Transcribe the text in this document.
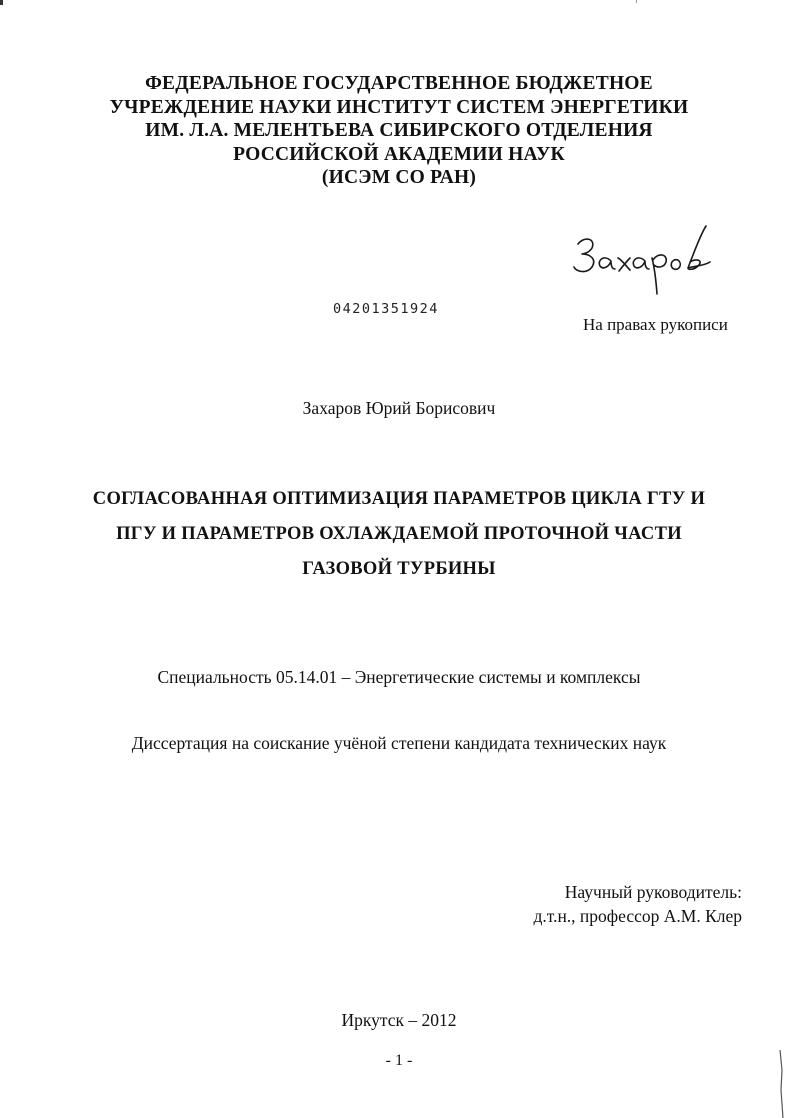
ФЕДЕРАЛЬНОЕ ГОСУДАРСТВЕННОЕ БЮДЖЕТНОЕ
УЧРЕЖДЕНИЕ НАУКИ ИНСТИТУТ СИСТЕМ ЭНЕРГЕТИКИ
ИМ. Л.А. МЕЛЕНТЬЕВА СИБИРСКОГО ОТДЕЛЕНИЯ
РОССИЙСКОЙ АКАДЕМИИ НАУК
(ИСЭМ СО РАН)
04201351924
На правах рукописи
Захаров Юрий Борисович
СОГЛАСОВАННАЯ ОПТИМИЗАЦИЯ ПАРАМЕТРОВ ЦИКЛА ГТУ И
ПГУ И ПАРАМЕТРОВ ОХЛАЖДАЕМОЙ ПРОТОЧНОЙ ЧАСТИ
ГАЗОВОЙ ТУРБИНЫ
Специальность 05.14.01 – Энергетические системы и комплексы
Диссертация на соискание учёной степени кандидата технических наук
Научный руководитель:
д.т.н., профессор А.М. Клер
Иркутск – 2012
- 1 -
